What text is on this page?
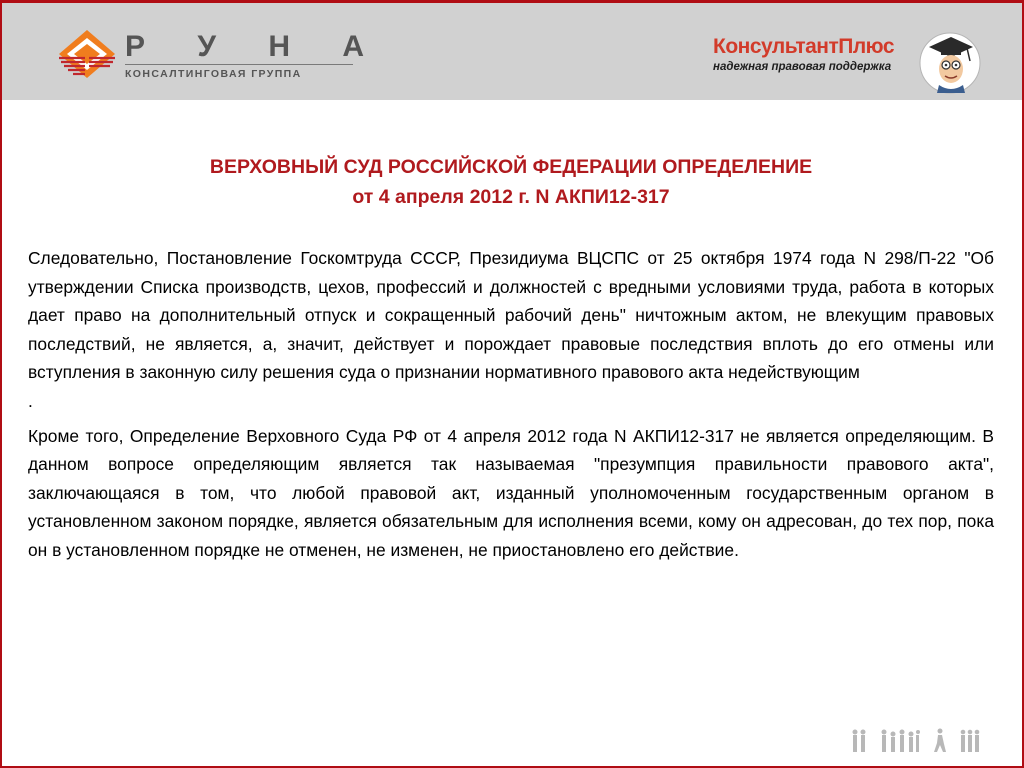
Р У Н А
КОНСАЛТИНГОВАЯ ГРУППА
КонсультантПлюс
надежная правовая поддержка
ВЕРХОВНЫЙ СУД РОССИЙСКОЙ ФЕДЕРАЦИИ ОПРЕДЕЛЕНИЕ
от 4 апреля 2012 г. N АКПИ12-317

Следовательно, Постановление Госкомтруда СССР, Президиума ВЦСПС от 25 октября 1974 года N 298/П-22 "Об утверждении Списка производств, цехов, профессий и должностей с вредными условиями труда, работа в которых дает право на дополнительный отпуск и сокращенный рабочий день" ничтожным актом, не влекущим правовых последствий, не является, а, значит, действует и порождает правовые последствия вплоть до его отмены или вступления в законную силу решения суда о признании нормативного правового акта недействующим

.

Кроме того, Определение Верховного Суда РФ от 4 апреля 2012 года N АКПИ12-317 не является определяющим. В данном вопросе определяющим является так называемая "презумпция правильности правового акта", заключающаяся в том, что любой правовой акт, изданный уполномоченным государственным органом в установленном законом порядке, является обязательным для исполнения всеми, кому он адресован, до тех пор, пока он в установленном порядке не отменен, не изменен, не приостановлено его действие.
